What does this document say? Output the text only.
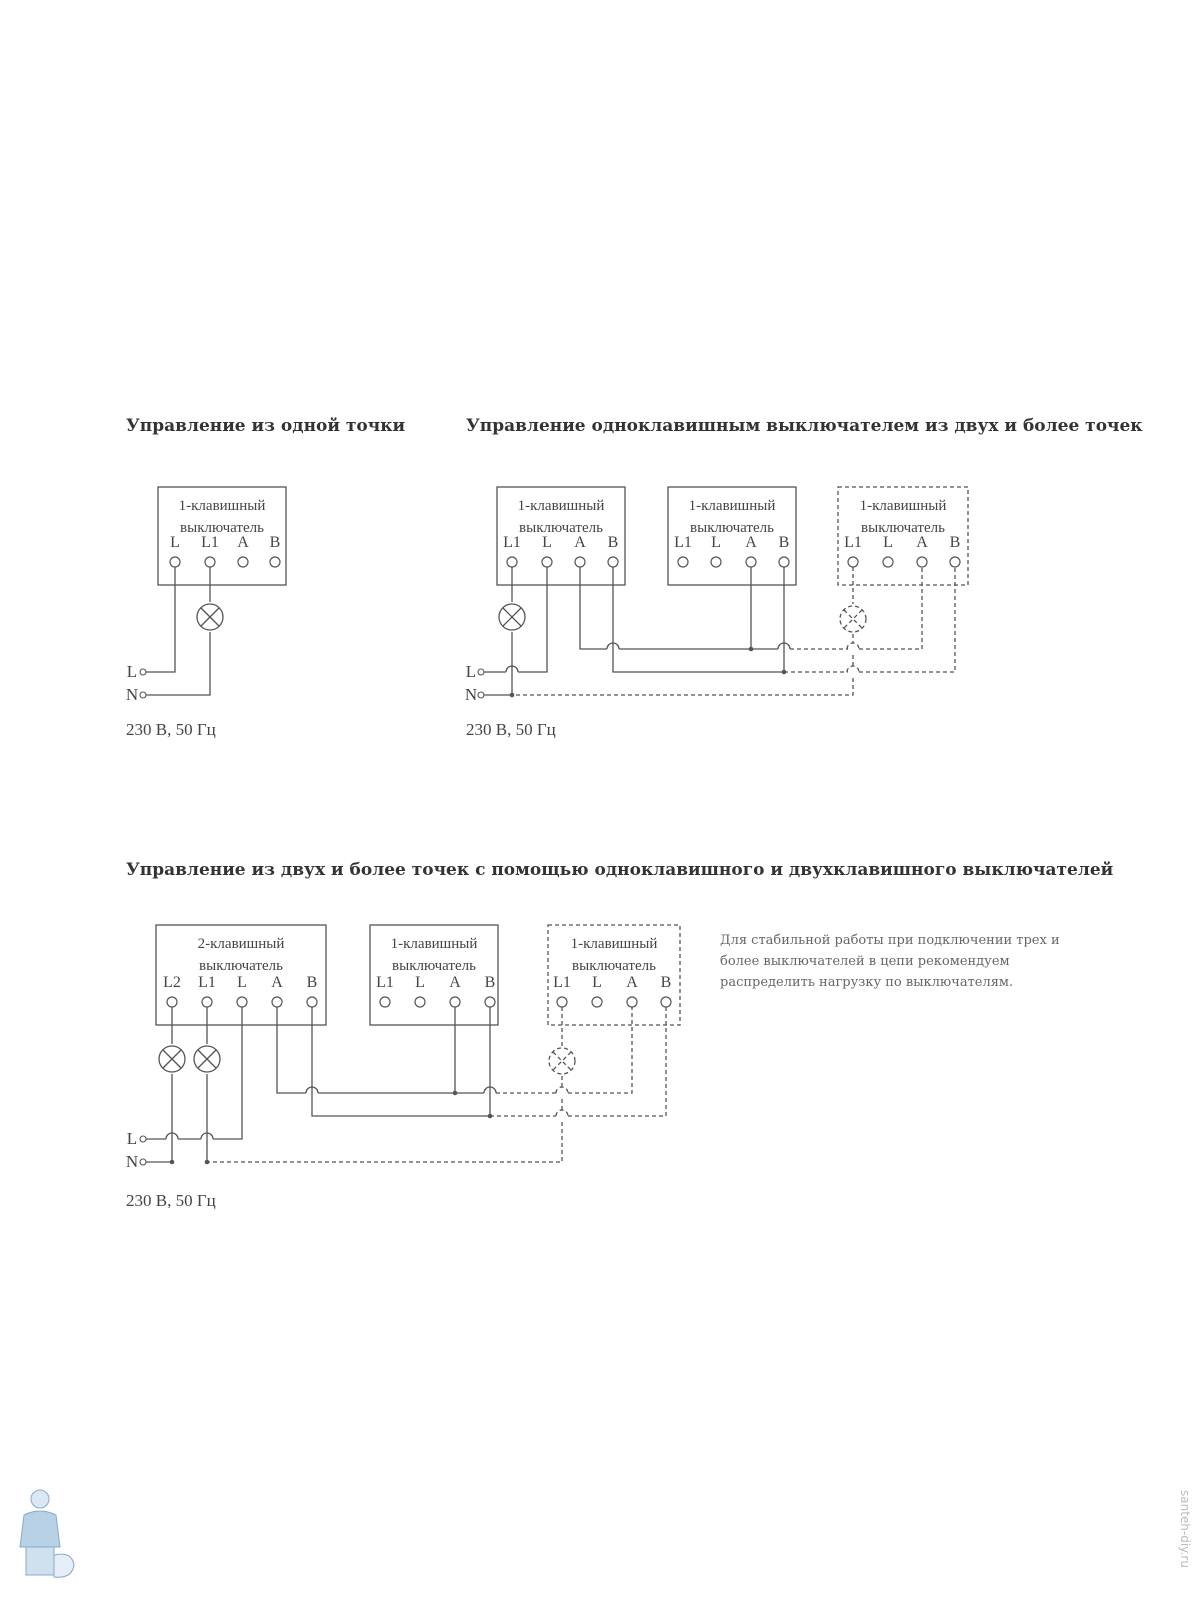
Управление из одной точки	Управление одноклавишным выключателем из двух и более точек
Управление из двух и более точек с помощью одноклавишного и двухклавишного выключателей
1-клавишный
выключатель
L L1 A B
L
N
230 В, 50 Гц
1-клавишный
выключатель
L1 L A B
1-клавишный
выключатель
L1 L A B
1-клавишный
выключатель
L1 L A B
L
N
230 В, 50 Гц
2-клавишный
выключатель
L2 L1 L A B
1-клавишный
выключатель
L1 L A B
1-клавишный
выключатель
L1 L A B
L
N
230 В, 50 Гц
Для стабильной работы при подключении трех и более выключателей в цепи рекомендуем распределить нагрузку по выключателям.
santeh-diy.ru
